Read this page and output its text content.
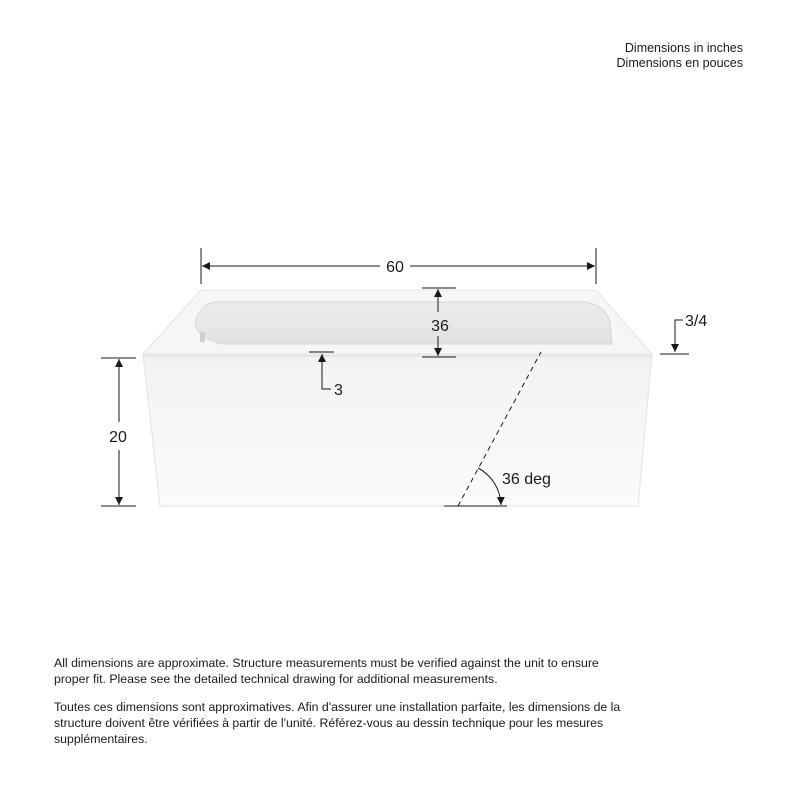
Dimensions in inches
Dimensions en pouces
60
36
20
3
3/4
36 deg

All dimensions are approximate. Structure measurements must be verified against the unit to ensure proper fit. Please see the detailed technical drawing for additional measurements.

Toutes ces dimensions sont approximatives. Afin d'assurer une installation parfaite, les dimensions de la structure doivent être vérifiées à partir de l'unité. Référez-vous au dessin technique pour les mesures supplémentaires.
